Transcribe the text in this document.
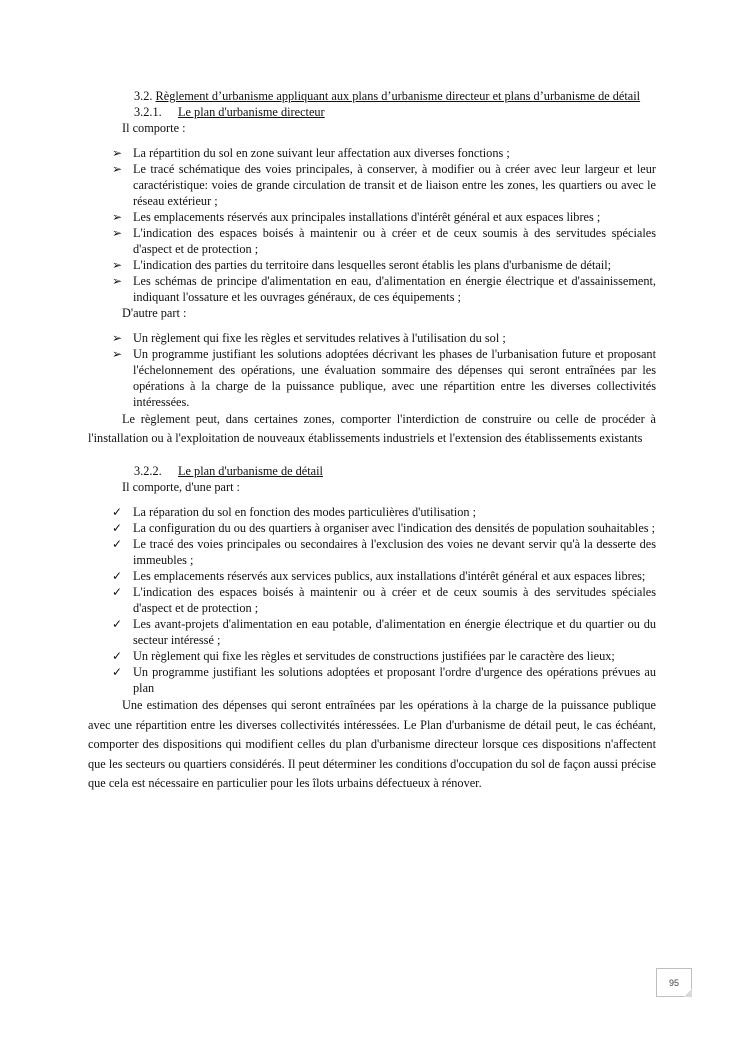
3.2.
Règlement d’urbanisme appliquant aux plans d’urbanisme directeur et plans d’urbanisme de détail
3.2.1.	Le plan d'urbanisme directeur
Il comporte :
➢ La répartition du sol en zone suivant leur affectation aux diverses fonctions ;
➢ Le tracé schématique des voies principales, à conserver, à modifier ou à créer avec leur largeur et leur caractéristique: voies de grande circulation de transit et de liaison entre les zones, les quartiers ou avec le réseau extérieur ;
➢ Les emplacements réservés aux principales installations d'intérêt général et aux espaces libres ;
➢ L'indication des espaces boisés à maintenir ou à créer et de ceux soumis à des servitudes spéciales d'aspect et de protection ;
➢ L'indication des parties du territoire dans lesquelles seront établis les plans d'urbanisme de détail;
➢ Les schémas de principe d'alimentation en eau, d'alimentation en énergie électrique et d'assainissement, indiquant l'ossature et les ouvrages généraux, de ces équipements ;
D'autre part :
➢ Un règlement qui fixe les règles et servitudes relatives à l'utilisation du sol ;
➢ Un programme justifiant les solutions adoptées décrivant les phases de l'urbanisation future et proposant l'échelonnement des opérations, une évaluation sommaire des dépenses qui seront entraînées par les opérations à la charge de la puissance publique, avec une répartition entre les diverses collectivités intéressées.
Le règlement peut, dans certaines zones, comporter l'interdiction de construire ou celle de procéder à l'installation ou à l'exploitation de nouveaux établissements industriels et l'extension des établissements existants
3.2.2.	Le plan d'urbanisme de détail
Il comporte, d'une part :
✓ La réparation du sol en fonction des modes particulières d'utilisation ;
✓ La configuration du ou des quartiers à organiser avec l'indication des densités de population souhaitables ;
✓ Le tracé des voies principales ou secondaires à l'exclusion des voies ne devant servir qu'à la desserte des immeubles ;
✓ Les emplacements réservés aux services publics, aux installations d'intérêt général et aux espaces libres;
✓ L'indication des espaces boisés à maintenir ou à créer et de ceux soumis à des servitudes spéciales d'aspect et de protection ;
✓ Les avant-projets d'alimentation en eau potable, d'alimentation en énergie électrique et du quartier ou du secteur intéressé ;
✓ Un règlement qui fixe les règles et servitudes de constructions justifiées par le caractère des lieux;
✓ Un programme justifiant les solutions adoptées et proposant l'ordre d'urgence des opérations prévues au plan
Une estimation des dépenses qui seront entraînées par les opérations à la charge de la puissance publique avec une répartition entre les diverses collectivités intéressées. Le Plan d'urbanisme de détail peut, le cas échéant, comporter des dispositions qui modifient celles du plan d'urbanisme directeur lorsque ces dispositions n'affectent que les secteurs ou quartiers considérés. Il peut déterminer les conditions d'occupation du sol de façon aussi précise que cela est nécessaire en particulier pour les îlots urbains défectueux à rénover.
95
